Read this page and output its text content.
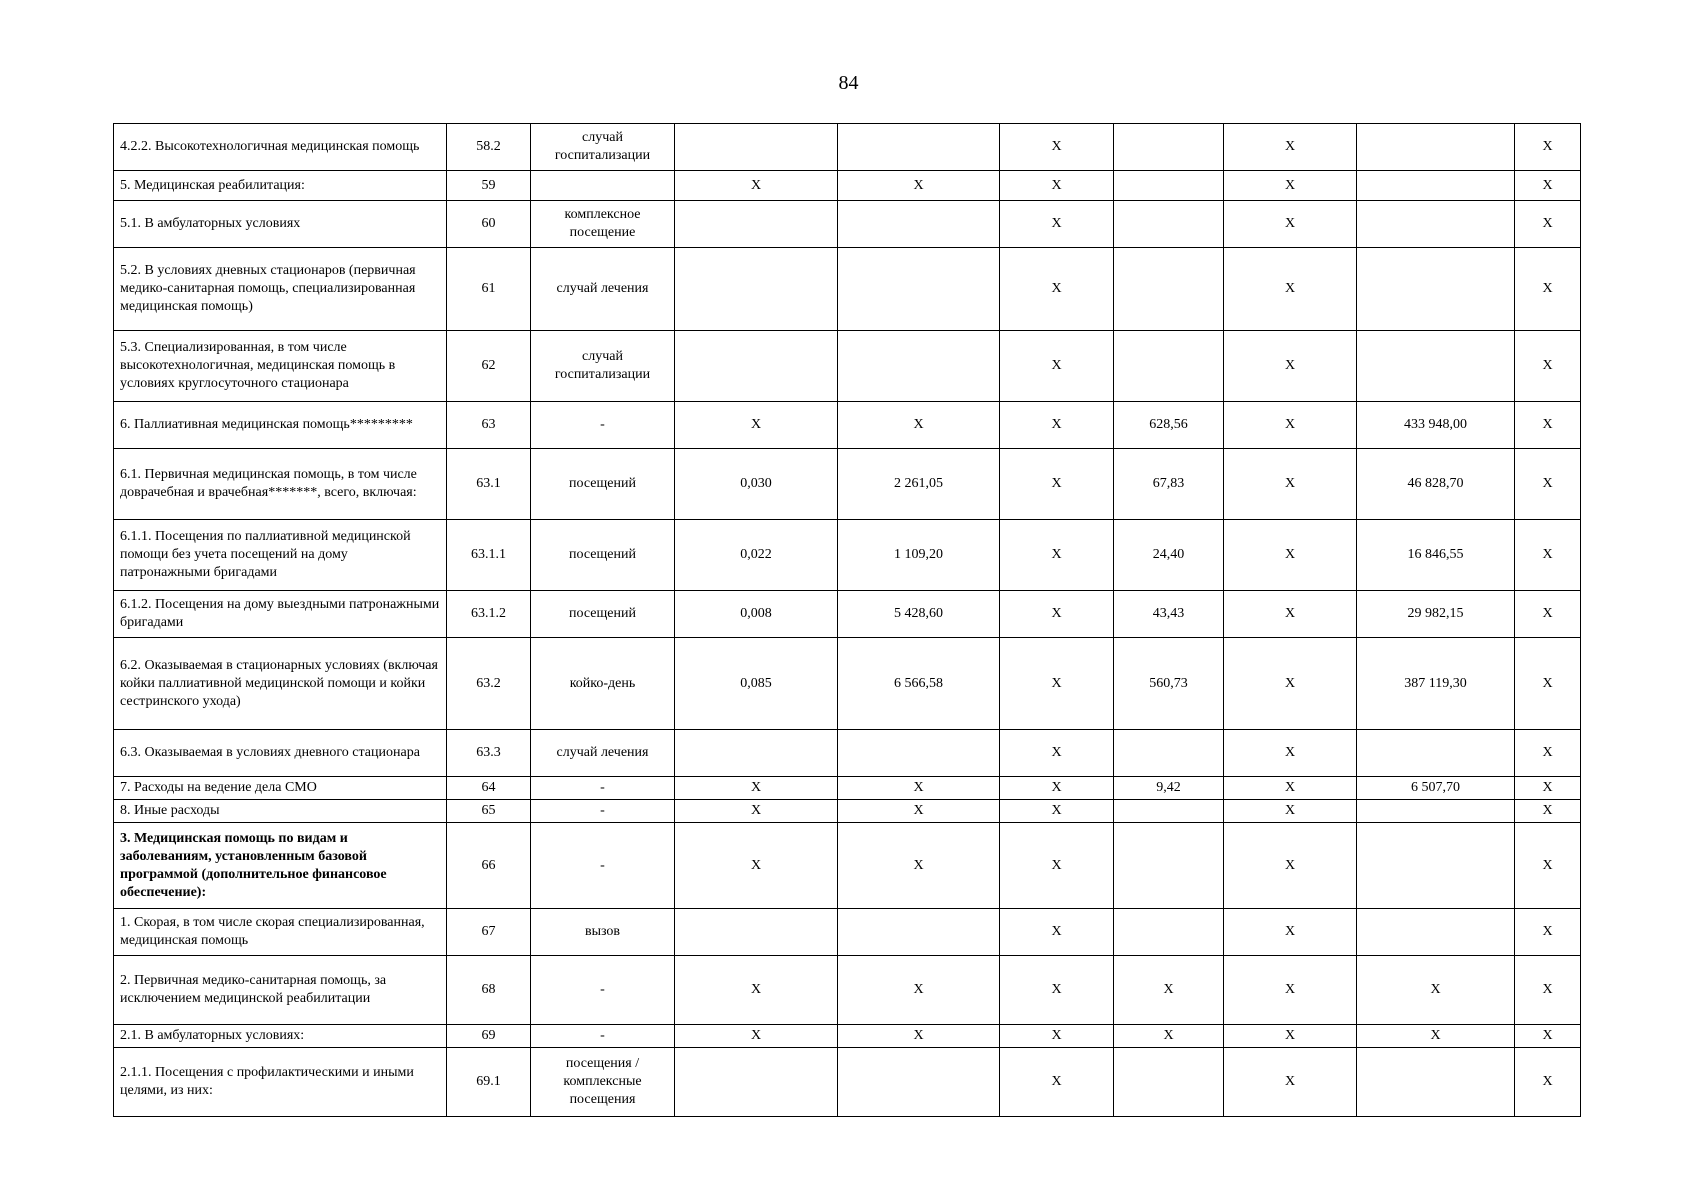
84
4.2.2. Высокотехнологичная медицинская помощь	58.2	случай госпитализации			X		X		X
5. Медицинская реабилитация:	59		X	X	X		X		X
5.1. В амбулаторных условиях	60	комплексное посещение			X		X		X
5.2. В условиях дневных стационаров (первичная медико-санитарная помощь, специализированная медицинская помощь)	61	случай лечения			X		X		X
5.3. Специализированная, в том числе высокотехнологичная, медицинская помощь в условиях круглосуточного стационара	62	случай госпитализации			X		X		X
6. Паллиативная медицинская помощь*********	63	-	X	X	X	628,56	X	433 948,00	X
6.1. Первичная медицинская помощь, в том числе доврачебная и врачебная*******, всего, включая:	63.1	посещений	0,030	2 261,05	X	67,83	X	46 828,70	X
6.1.1. Посещения по паллиативной медицинской помощи без учета посещений на дому патронажными бригадами	63.1.1	посещений	0,022	1 109,20	X	24,40	X	16 846,55	X
6.1.2. Посещения на дому выездными патронажными бригадами	63.1.2	посещений	0,008	5 428,60	X	43,43	X	29 982,15	X
6.2. Оказываемая в стационарных условиях (включая койки паллиативной медицинской помощи и койки сестринского ухода)	63.2	койко-день	0,085	6 566,58	X	560,73	X	387 119,30	X
6.3. Оказываемая в условиях дневного стационара	63.3	случай лечения			X		X		X
7. Расходы на ведение дела СМО	64	-	X	X	X	9,42	X	6 507,70	X
8. Иные расходы	65	-	X	X	X		X		X
3. Медицинская помощь по видам и заболеваниям, установленным базовой программой (дополнительное финансовое обеспечение):	66	-	X	X	X		X		X
1. Скорая, в том числе скорая специализированная, медицинская помощь	67	вызов			X		X		X
2. Первичная медико-санитарная помощь, за исключением медицинской реабилитации	68	-	X	X	X	X	X	X	X
2.1. В амбулаторных условиях:	69	-	X	X	X	X	X	X	X
2.1.1. Посещения с профилактическими и иными целями, из них:	69.1	посещения / комплексные посещения			X		X		X
